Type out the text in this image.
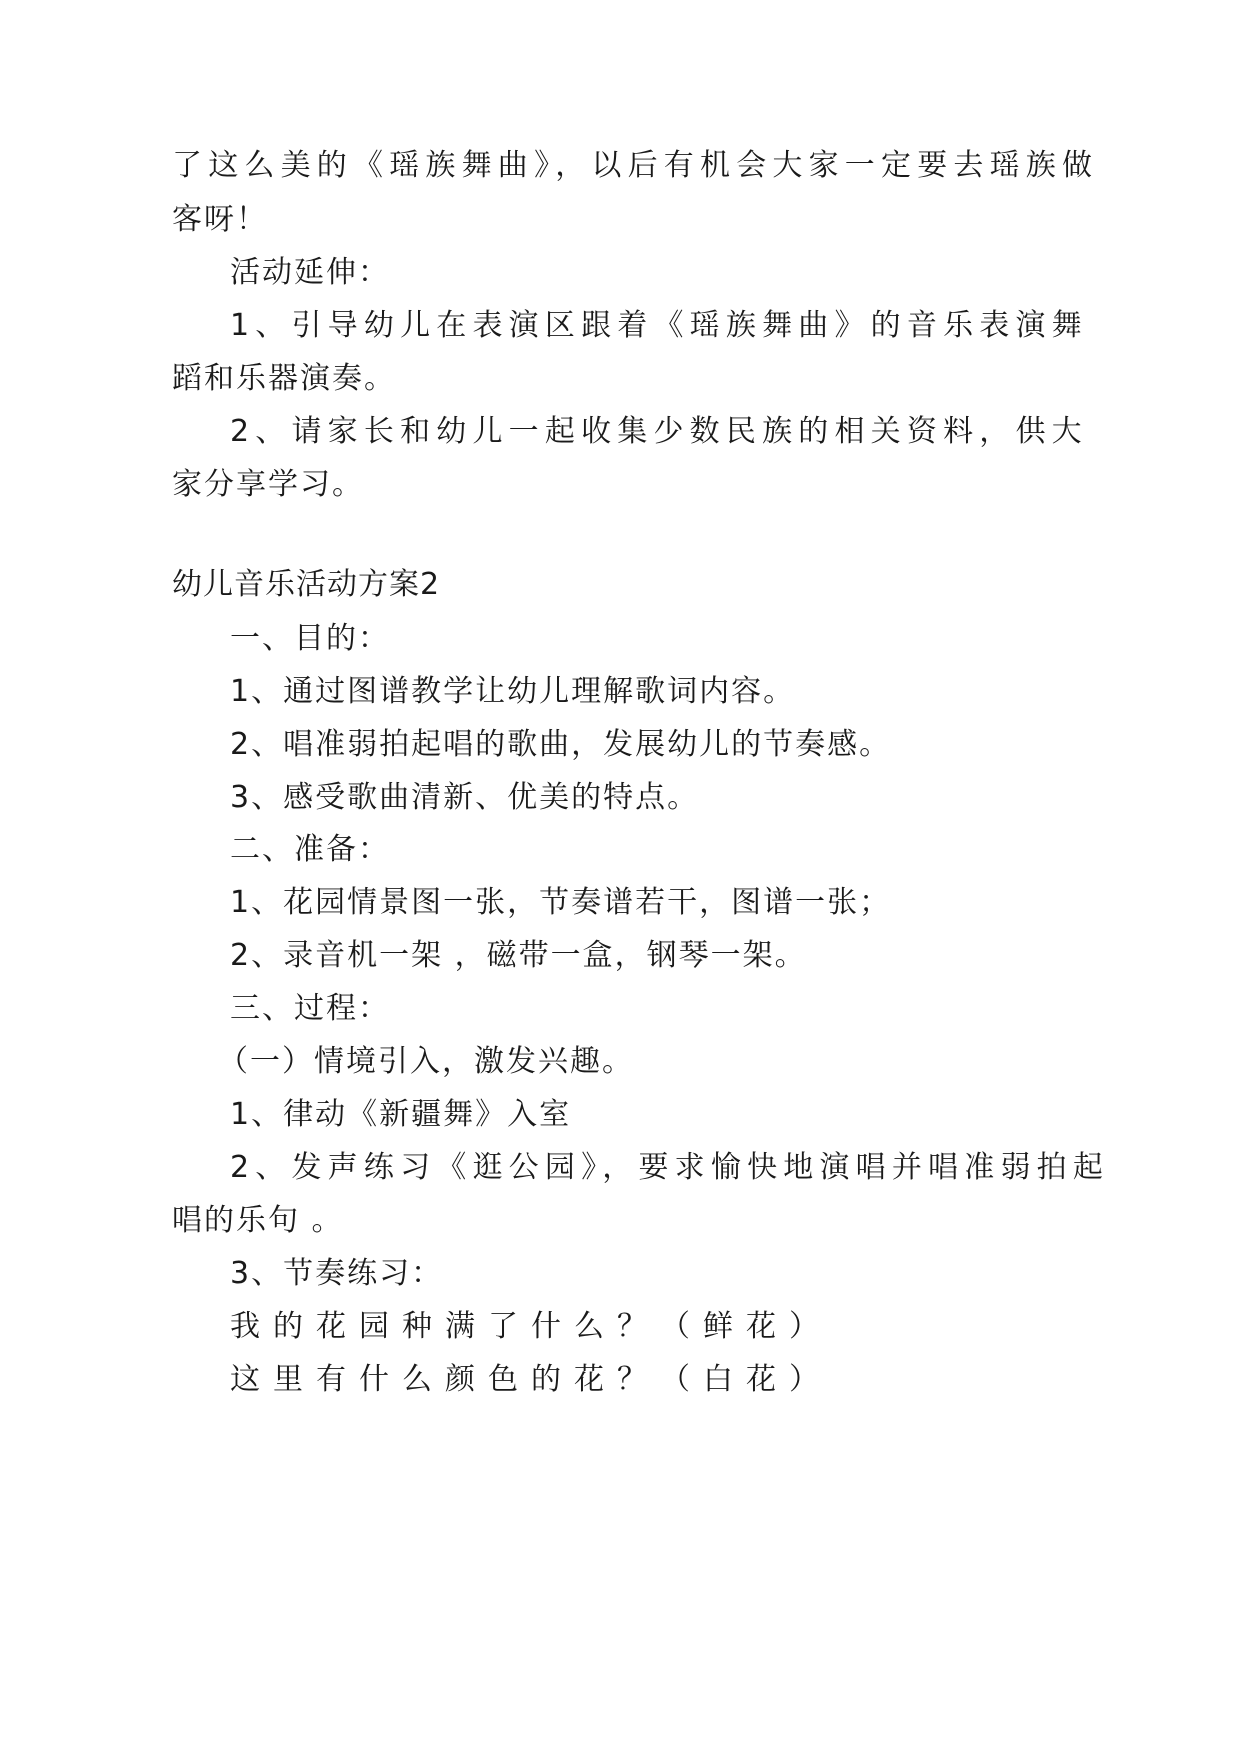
了这么美的《瑶族舞曲》，以后有机会大家一定要去瑶族做
客呀！
活动延伸：
1、引导幼儿在表演区跟着《瑶族舞曲》的音乐表演舞
蹈和乐器演奏。
2、请家长和幼儿一起收集少数民族的相关资料，供大
家分享学习。
幼儿音乐活动方案2
一、目的：
1、通过图谱教学让幼儿理解歌词内容。
2、唱准弱拍起唱的歌曲，发展幼儿的节奏感。
3、感受歌曲清新、优美的特点。
二、准备：
1、花园情景图一张，节奏谱若干，图谱一张；
2、录音机一架 ，磁带一盒，钢琴一架。
三、过程：
（一）情境引入，激发兴趣。
1、律动《新疆舞》入室
2、发声练习《逛公园》，要求愉快地演唱并唱准弱拍起
唱的乐句 。
3、节奏练习：
我的花园种满了什么？（鲜花）
这里有什么颜色的花？（白花）
